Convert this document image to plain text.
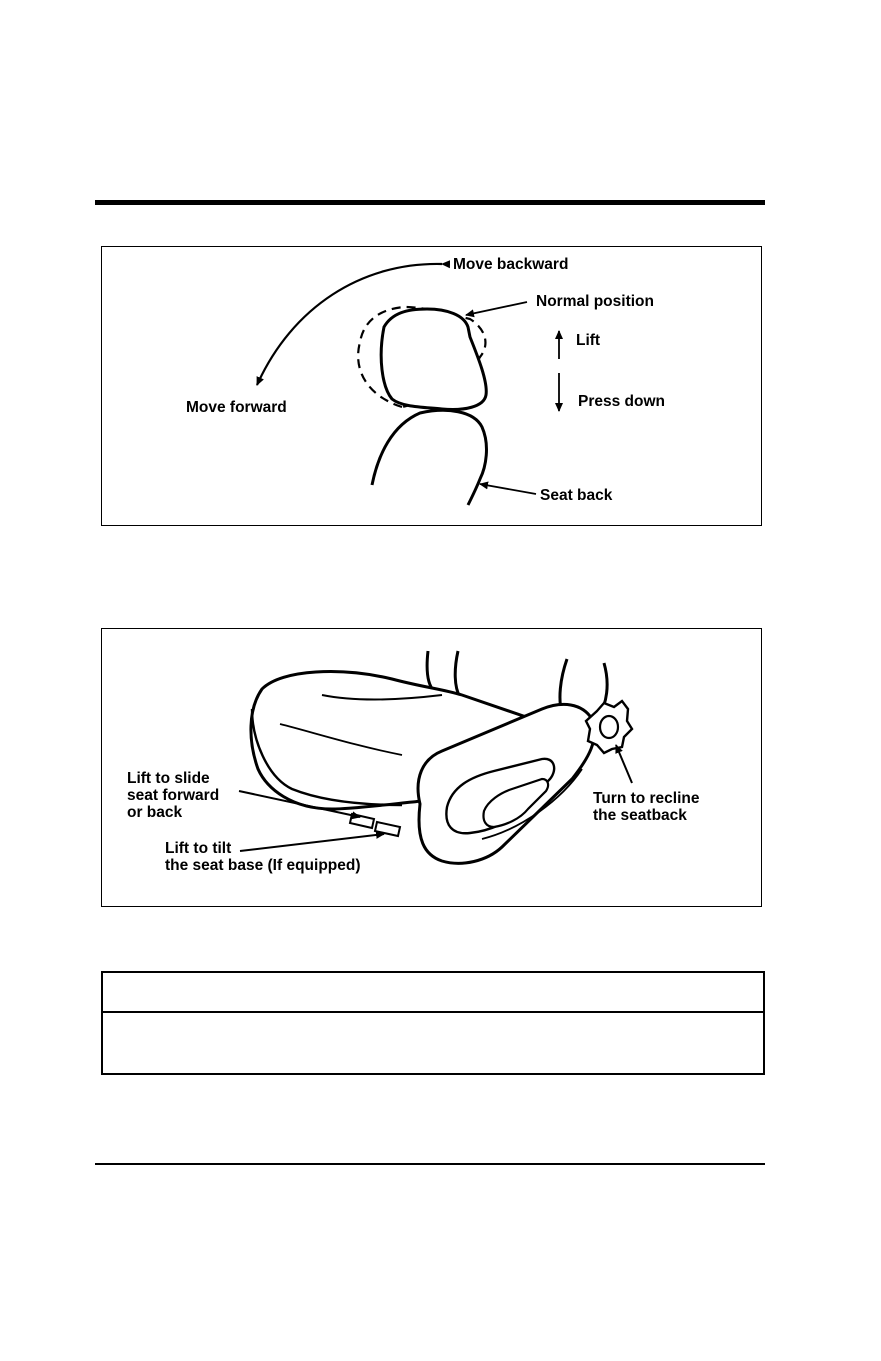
Move backward
Normal position
Lift
Press down
Move forward
Seat back
Lift to slide
seat forward
or back
Lift to tilt
the seat base (If equipped)
Turn to recline
the seatback
